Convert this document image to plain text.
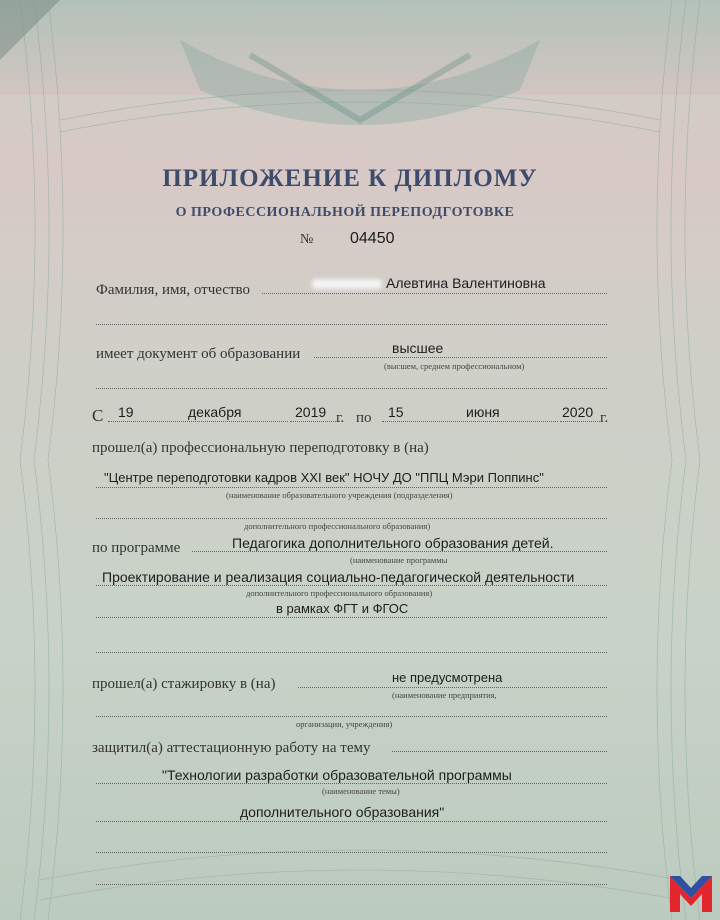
ПРИЛОЖЕНИЕ К ДИПЛОМУ
О ПРОФЕССИОНАЛЬНОЙ ПЕРЕПОДГОТОВКЕ
№ 04450
Фамилия, имя, отчество	Алевтина Валентиновна
имеет документ об образовании	высшее
(высшем, среднем профессиональном)
С 19	декабря	2019 г. по 15	июня	2020 г.
прошел(а) профессиональную переподготовку в (на)
"Центре переподготовки кадров XXI век" НОЧУ ДО "ППЦ Мэри Поппинс"
(наименование образовательного учреждения (подразделения)
дополнительного профессионального образования)
по программе	Педагогика дополнительного образования детей.
(наименование программы
Проектирование и реализация социально-педагогической деятельности
дополнительного профессионального образования)
в рамках ФГТ и ФГОС
прошел(а) стажировку в (на)	не предусмотрена
(наименование предприятия,
организации, учреждения)
защитил(а) аттестационную работу на тему
"Технологии разработки образовательной программы
(наименование темы)
дополнительного образования"
